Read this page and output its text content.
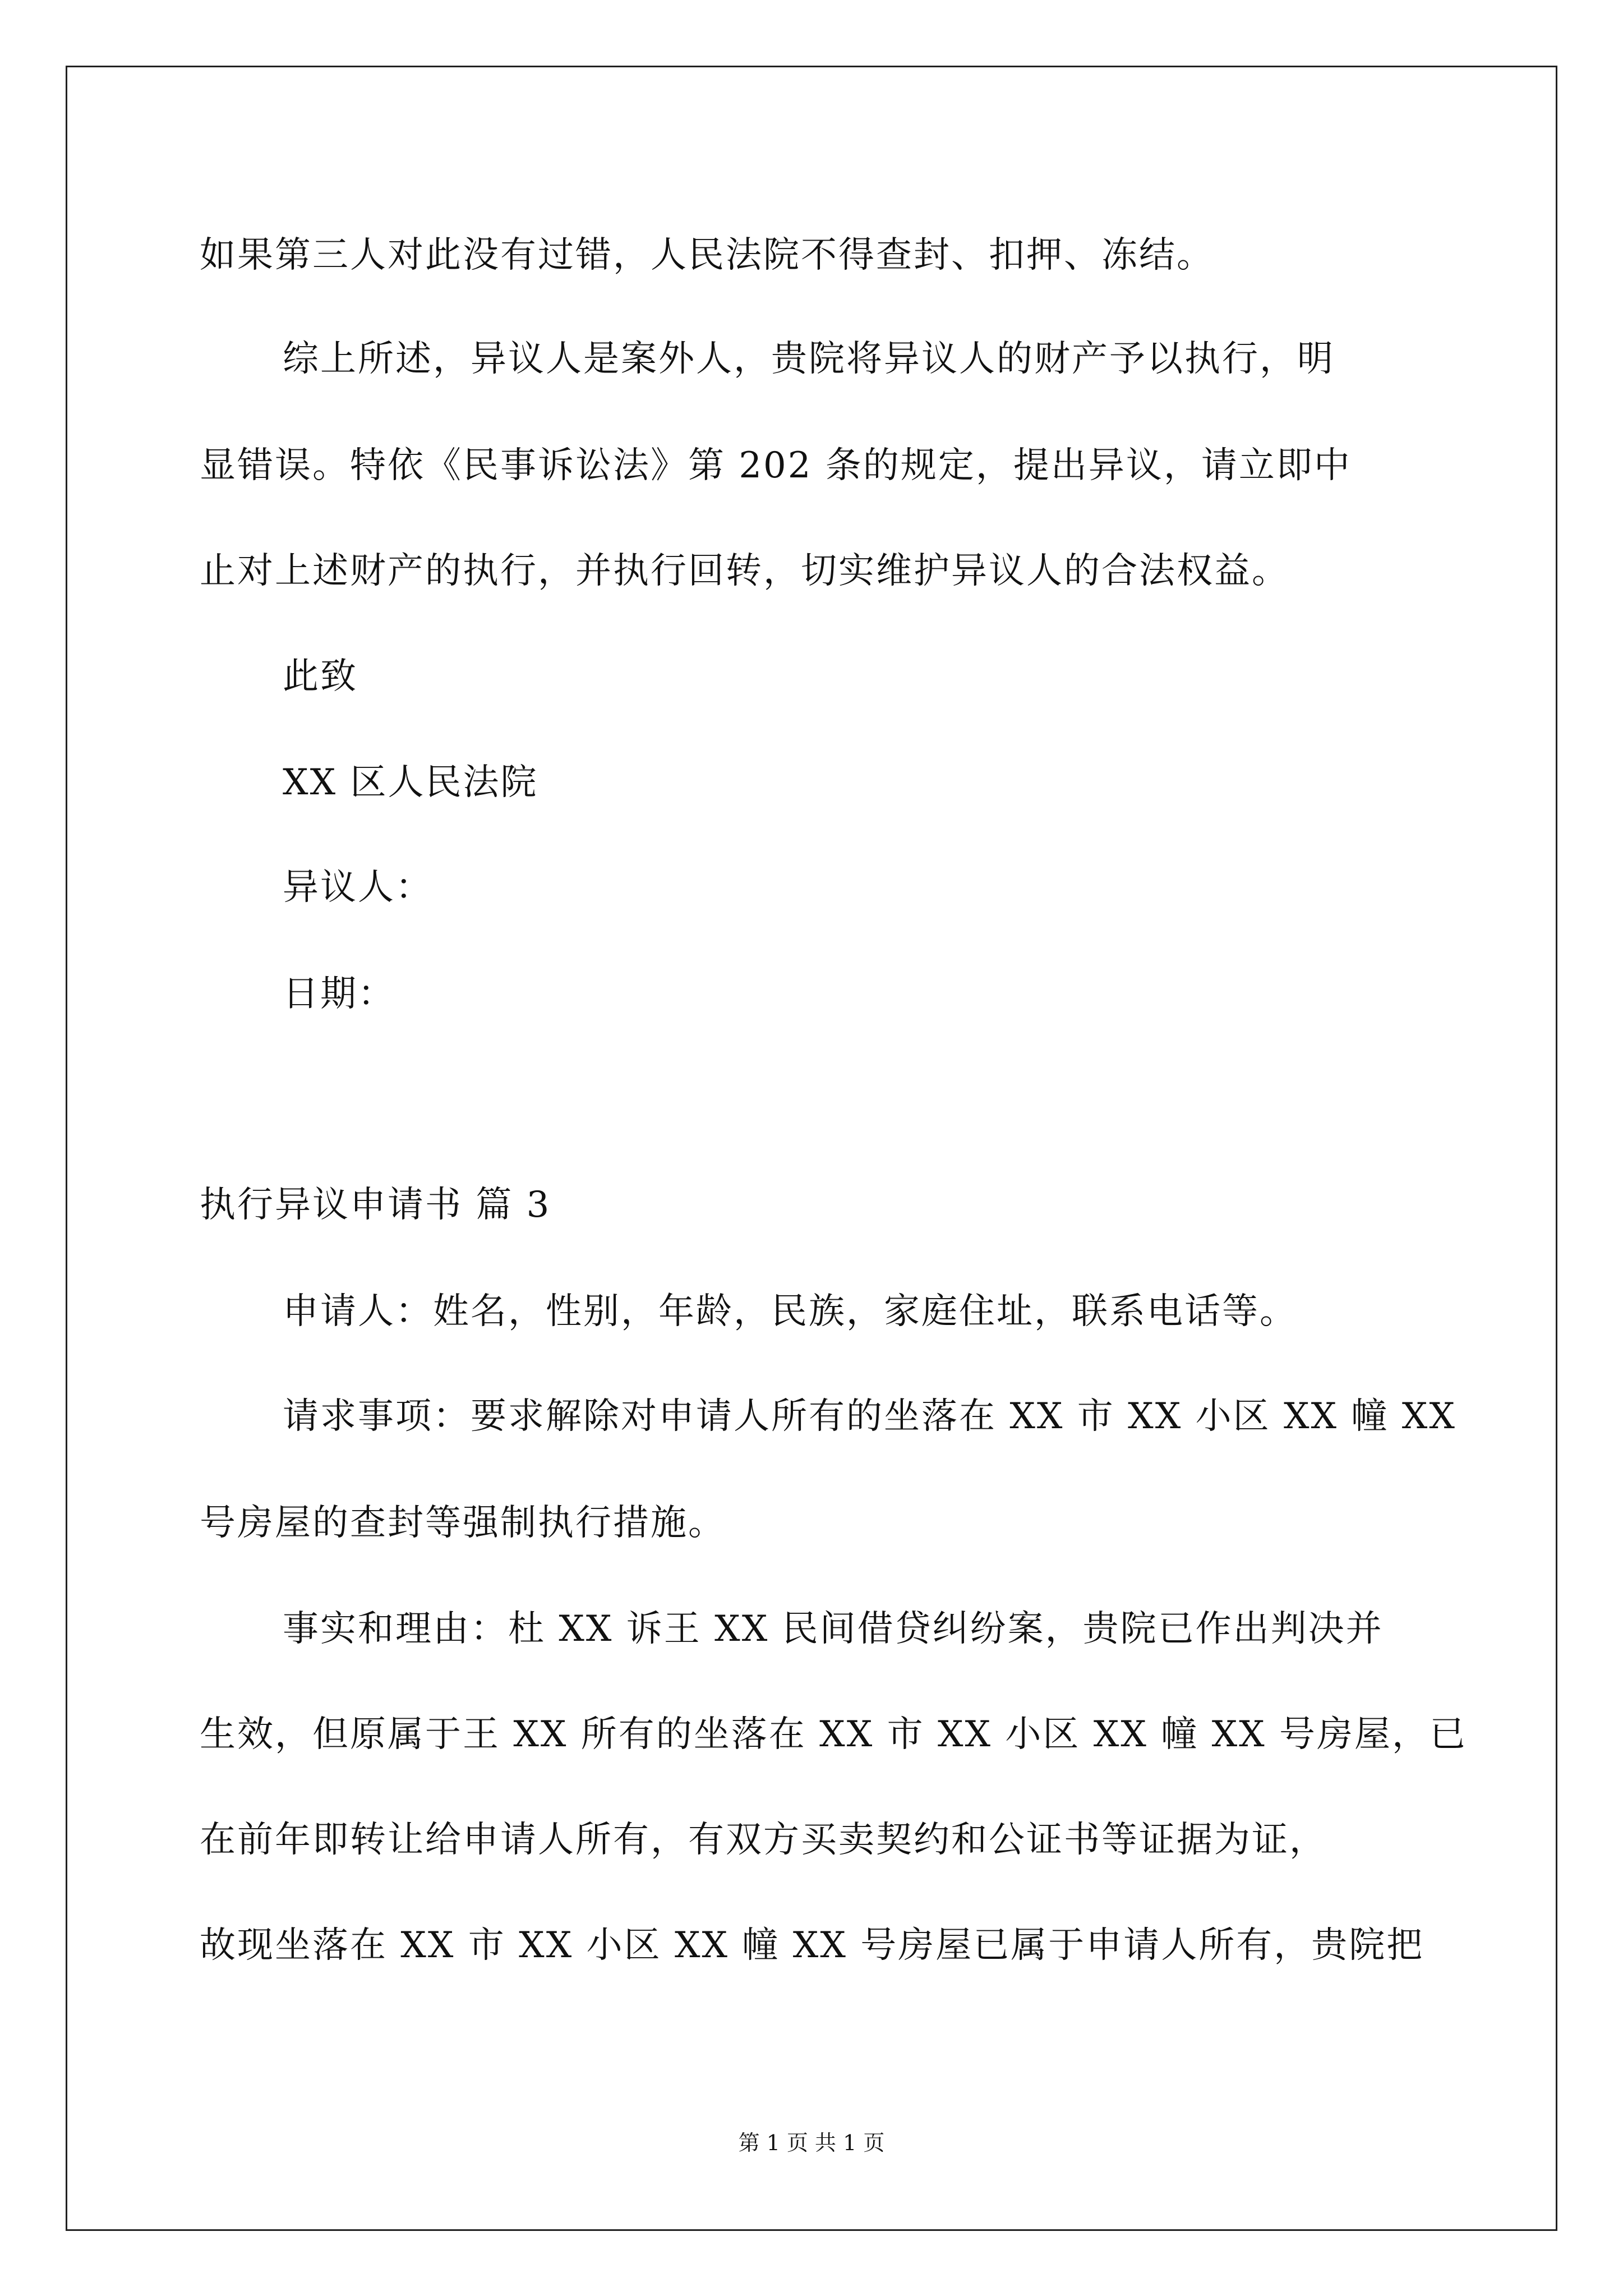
如果第三人对此没有过错，人民法院不得查封、扣押、冻结。
综上所述，异议人是案外人，贵院将异议人的财产予以执行，明
显错误。特依《民事诉讼法》第 202 条的规定，提出异议，请立即中
止对上述财产的执行，并执行回转，切实维护异议人的合法权益。
此致
XX 区人民法院
异议人：
日期：
执行异议申请书 篇 3
申请人：姓名，性别，年龄，民族，家庭住址，联系电话等。
请求事项：要求解除对申请人所有的坐落在 XX 市 XX 小区 XX 幢 XX
号房屋的查封等强制执行措施。
事实和理由：杜 XX 诉王 XX 民间借贷纠纷案，贵院已作出判决并
生效，但原属于王 XX 所有的坐落在 XX 市 XX 小区 XX 幢 XX 号房屋，已
在前年即转让给申请人所有，有双方买卖契约和公证书等证据为证，
故现坐落在 XX 市 XX 小区 XX 幢 XX 号房屋已属于申请人所有，贵院把
第 1 页 共 1 页
